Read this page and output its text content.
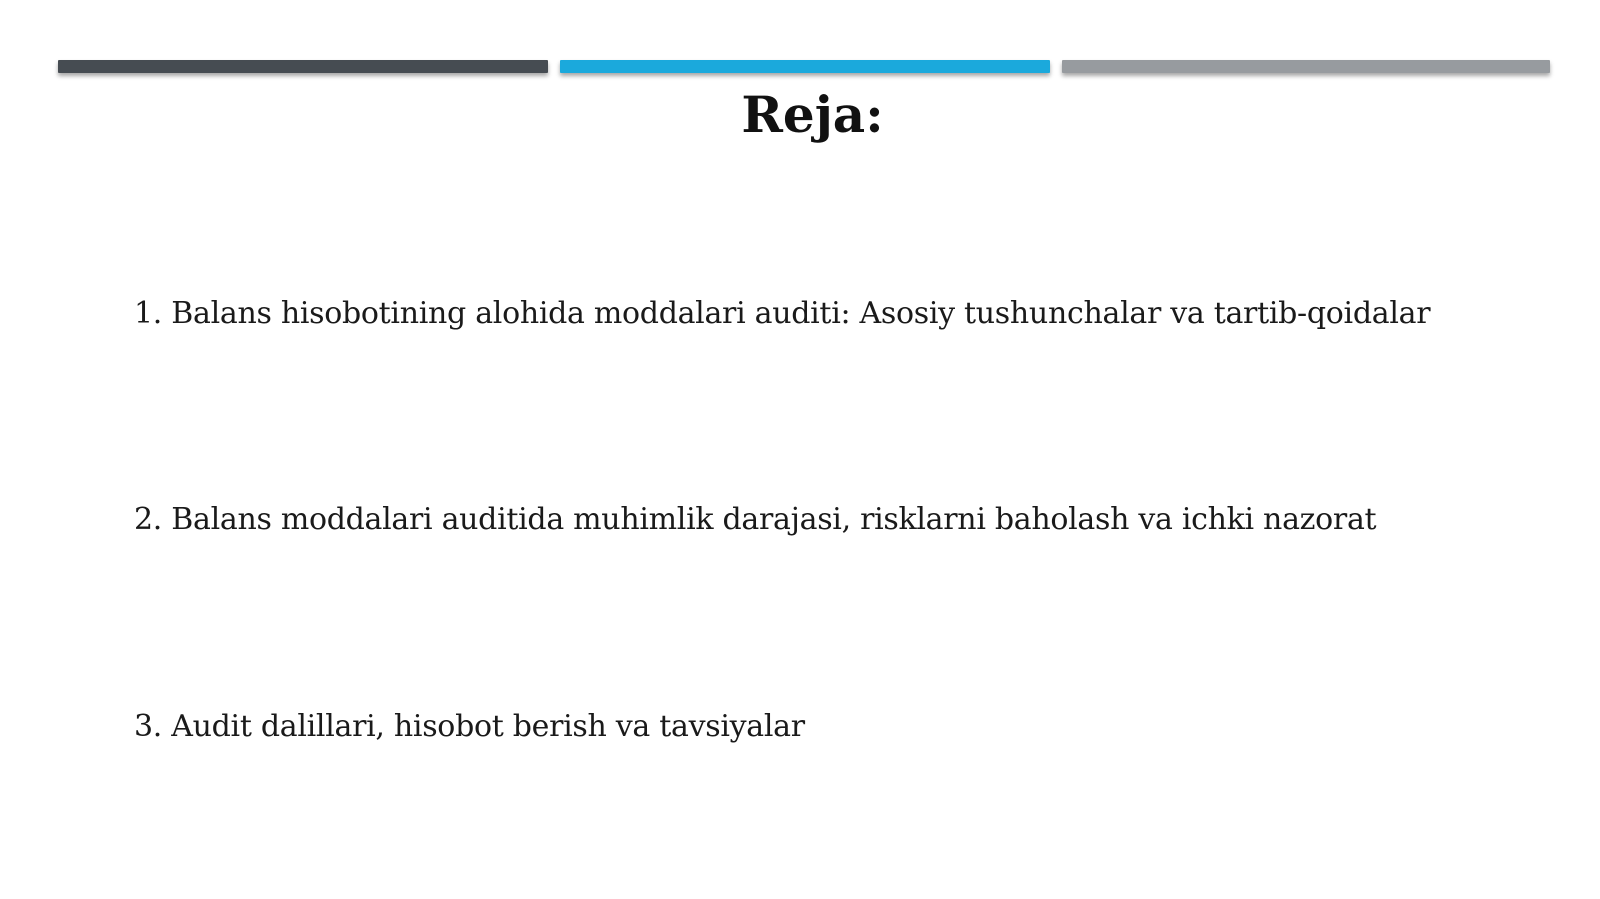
Reja:
1. Balans hisobotining alohida moddalari auditi: Asosiy tushunchalar va tartib-qoidalar
2. Balans moddalari auditida muhimlik darajasi, risklarni baholash va ichki nazorat
3. Audit dalillari, hisobot berish va tavsiyalar
